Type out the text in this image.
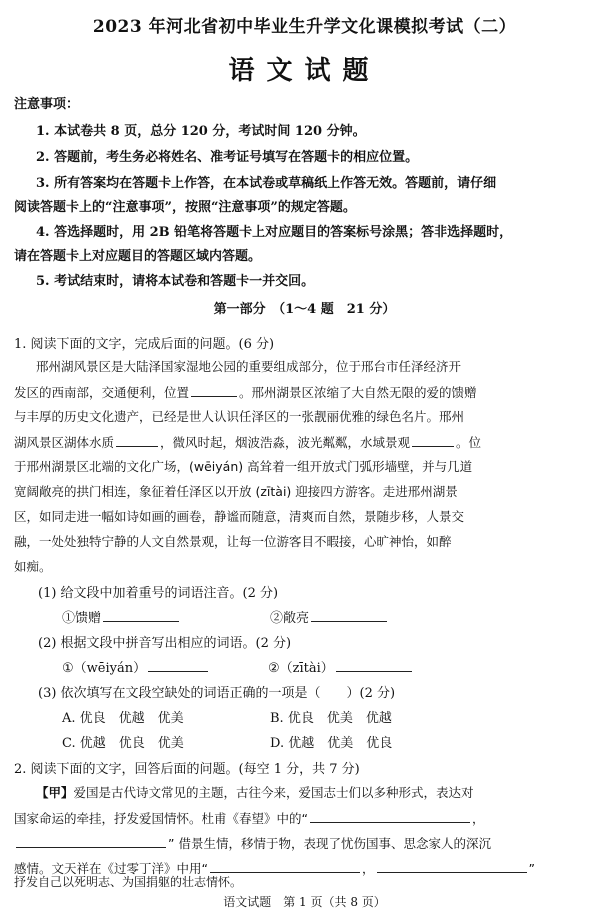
2023 年河北省初中毕业生升学文化课模拟考试（二）
语文试题
注意事项：
1. 本试卷共 8 页，总分 120 分，考试时间 120 分钟。
2. 答题前，考生务必将姓名、准考证号填写在答题卡的相应位置。
3. 所有答案均在答题卡上作答，在本试卷或草稿纸上作答无效。答题前，请仔细
阅读答题卡上的“注意事项”，按照“注意事项”的规定答题。
4. 答选择题时，用 2B 铅笔将答题卡上对应题目的答案标号涂黑；答非选择题时，
请在答题卡上对应题目的答题区域内答题。
5. 考试结束时，请将本试卷和答题卡一并交回。
第一部分　（1～4 题　21 分）
1. 阅读下面的文字，完成后面的问题。(6 分)
邢州湖风景区是大陆泽国家湿地公园的重要组成部分，位于邢台市任泽经济开
发区的西南部，交通便利，位置	。邢州湖景区浓缩了大自然无限的爱的馈赠
与丰厚的历史文化遗产，已经是世人认识任泽区的一张靓丽优雅的绿色名片。邢州
湖风景区湖体水质	，微风时起，烟波浩淼，波光粼粼，水域景观	。位
于邢州湖景区北端的文化广场，(wēiyán) 高耸着一组开放式门弧形墙壁，并与几道
宽阔敞亮的拱门相连，象征着任泽区以开放 (zītài) 迎接四方游客。走进邢州湖景
区，如同走进一幅如诗如画的画卷，静谧而随意，清爽而自然，景随步移，人景交
融，一处处独特宁静的人文自然景观，让每一位游客目不暇接，心旷神怡，如醉
如痴。
(1) 给文段中加着重号的词语注音。(2 分)
①馈赠	②敞亮
(2) 根据文段中拼音写出相应的词语。(2 分)
①（wēiyán）	②（zītài）
(3) 依次填写在文段空缺处的词语正确的一项是（　　）(2 分)
A. 优良　优越　优美	B. 优良　优美　优越
C. 优越　优良　优美	D. 优越　优美　优良
2. 阅读下面的文字，回答后面的问题。(每空 1 分，共 7 分)
【甲】爱国是古代诗文常见的主题，古往今来，爱国志士们以多种形式，表达对
国家命运的牵挂，抒发爱国情怀。杜甫《春望》中的“	，
” 借景生情，移情于物，表现了忧伤国事、思念家人的深沉
感情。文天祥在《过零丁洋》中用“	，	”
抒发自己以死明志、为国捐躯的壮志情怀。
语文试题　第 1 页（共 8 页）
